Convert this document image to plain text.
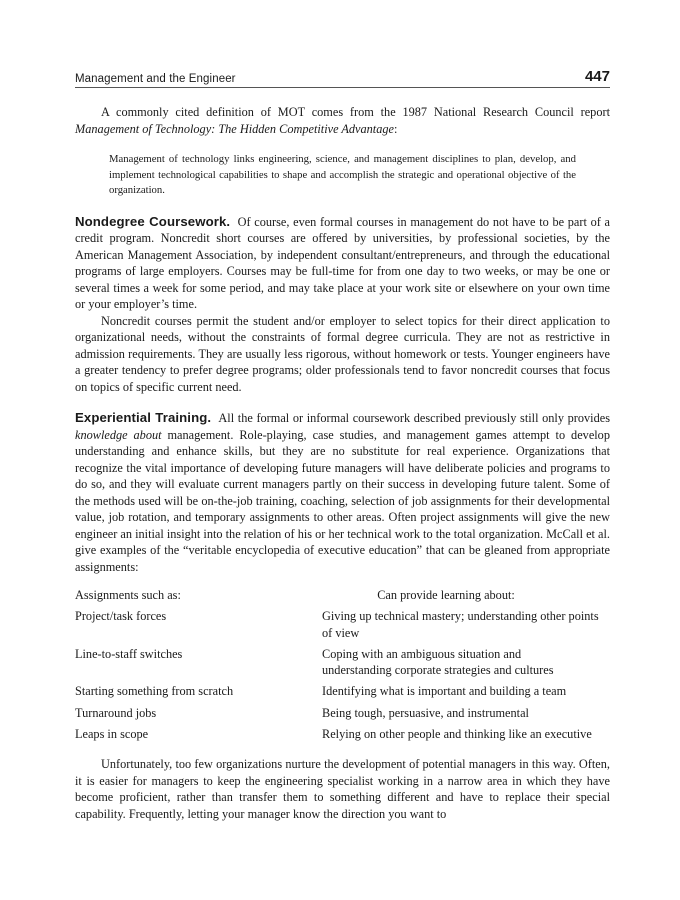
Management and the Engineer	447

A commonly cited definition of MOT comes from the 1987 National Research Council report Management of Technology: The Hidden Competitive Advantage:

Management of technology links engineering, science, and management disciplines to plan, develop, and implement technological capabilities to shape and accomplish the strategic and operational objective of the organization.

Nondegree Coursework. Of course, even formal courses in management do not have to be part of a credit program. Noncredit short courses are offered by universities, by professional societies, by the American Management Association, by independent consultant/entrepreneurs, and through the educational programs of large employers. Courses may be full-time for from one day to two weeks, or may be one or several times a week for some period, and may take place at your work site or elsewhere on your own time or your employer’s time.

Noncredit courses permit the student and/or employer to select topics for their direct application to organizational needs, without the constraints of formal degree curricula. They are not as restrictive in admission requirements. They are usually less rigorous, without homework or tests. Younger engineers have a greater tendency to prefer degree programs; older professionals tend to favor noncredit courses that focus on topics of specific current need.

Experiential Training. All the formal or informal coursework described previously still only provides knowledge about management. Role-playing, case studies, and management games attempt to develop understanding and enhance skills, but they are no substitute for real experience. Organizations that recognize the vital importance of developing future managers will have deliberate policies and programs to do so, and they will evaluate current managers partly on their success in developing future talent. Some of the methods used will be on-the-job training, coaching, selection of job assignments for their developmental value, job rotation, and temporary assignments to other areas. Often project assignments will give the new engineer an initial insight into the relation of his or her technical work to the total organization. McCall et al. give examples of the “veritable encyclopedia of executive education” that can be gleaned from appropriate assignments:

Assignments such as:	Can provide learning about:
Project/task forces	Giving up technical mastery; understanding other points of view
Line-to-staff switches	Coping with an ambiguous situation and understanding corporate strategies and cultures
Starting something from scratch	Identifying what is important and building a team
Turnaround jobs	Being tough, persuasive, and instrumental
Leaps in scope	Relying on other people and thinking like an executive

Unfortunately, too few organizations nurture the development of potential managers in this way. Often, it is easier for managers to keep the engineering specialist working in a narrow area in which they have become proficient, rather than transfer them to something different and have to replace their special capability. Frequently, letting your manager know the direction you want to
